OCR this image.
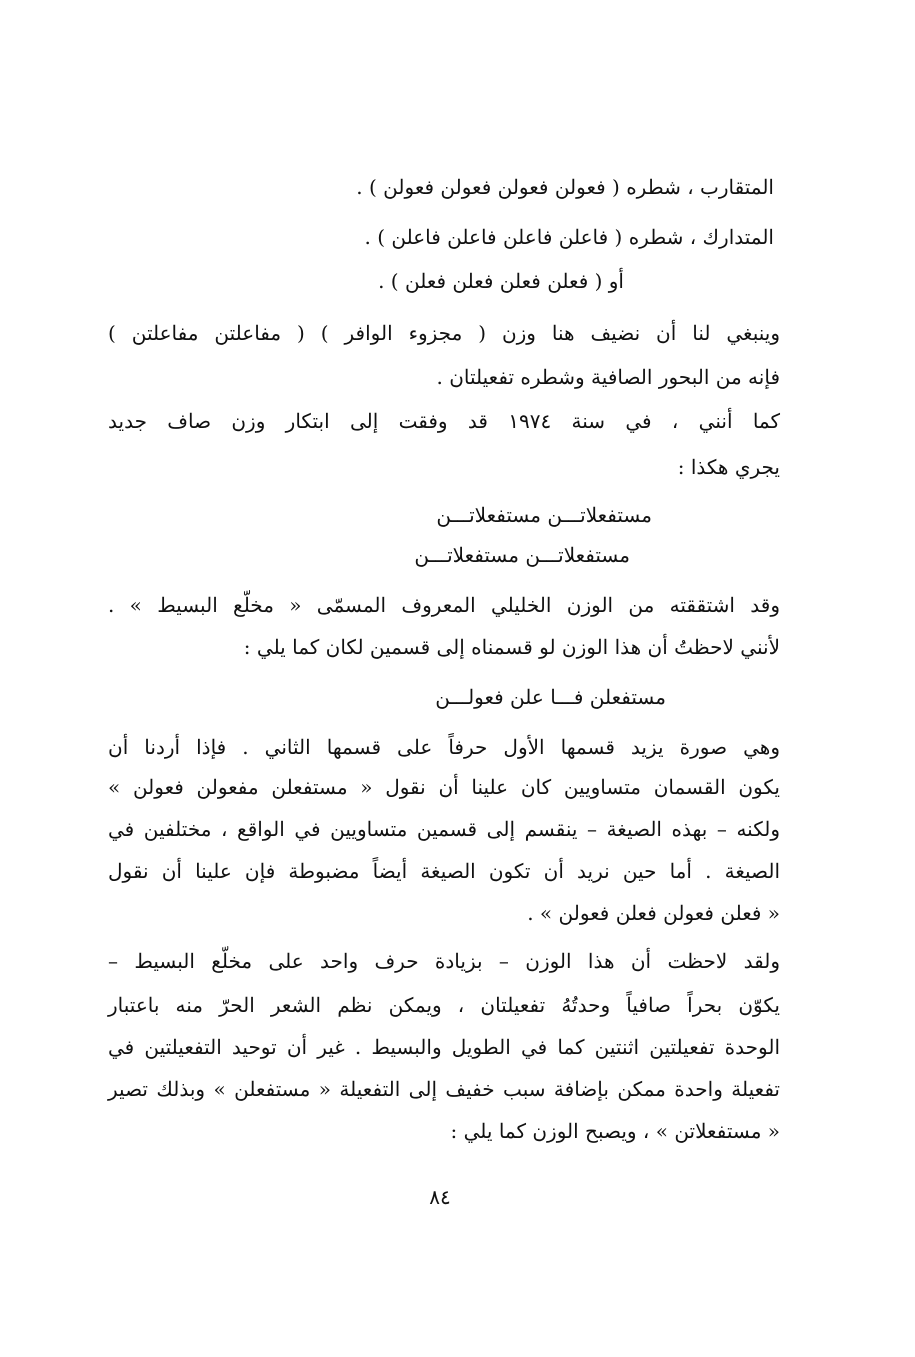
المتقارب ، شطره ( فعولن فعولن فعولن فعولن ) .
المتدارك ، شطره ( فاعلن فاعلن فاعلن فاعلن ) .
أو ( فعلن فعلن فعلن فعلن ) .
وينبغي لنا أن نضيف هنا وزن ( مجزوء الوافر ) ( مفاعلتن مفاعلتن )
فإنه من البحور الصافية وشطره تفعيلتان .
كما أنني ، في سنة ١٩٧٤ قد وفقت إلى ابتكار وزن صاف جديد
يجري هكذا :
مستفعلاتـــن مستفعلاتـــن
مستفعلاتـــن مستفعلاتـــن
وقد اشتققته من الوزن الخليلي المعروف المسمّى « مخلّع البسيط » .
لأنني لاحظتُ أن هذا الوزن لو قسمناه إلى قسمين لكان كما يلي :
مستفعلن فـــا علن فعولـــن
وهي صورة يزيد قسمها الأول حرفاً على قسمها الثاني . فإذا أردنا أن
يكون القسمان متساويين كان علينا أن نقول « مستفعلن مفعولن فعولن »
ولكنه – بهذه الصيغة – ينقسم إلى قسمين متساويين في الواقع ، مختلفين في
الصيغة . أما حين نريد أن تكون الصيغة أيضاً مضبوطة فإن علينا أن نقول
« فعلن فعولن فعلن فعولن » .
ولقد لاحظت أن هذا الوزن – بزيادة حرف واحد على مخلّع البسيط –
يكوّن بحراً صافياً وحدتُهُ تفعيلتان ، ويمكن نظم الشعر الحرّ منه باعتبار
الوحدة تفعيلتين اثنتين كما في الطويل والبسيط . غير أن توحيد التفعيلتين في
تفعيلة واحدة ممكن بإضافة سبب خفيف إلى التفعيلة « مستفعلن » وبذلك تصير
« مستفعلاتن » ، ويصبح الوزن كما يلي :
٨٤
